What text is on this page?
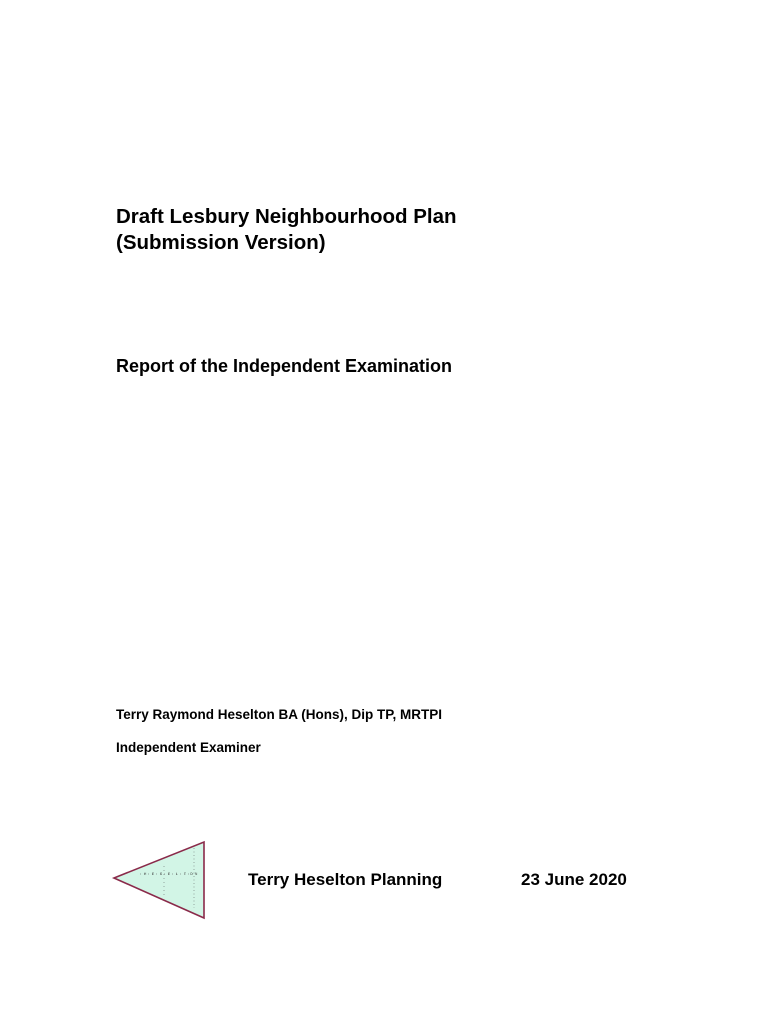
Draft Lesbury Neighbourhood Plan

(Submission Version)

Report of the Independent Examination

Terry Raymond Heselton BA (Hons), Dip TP, MRTPI

Independent Examiner

H E S E L T O N	Terry Heselton Planning	23 June 2020
